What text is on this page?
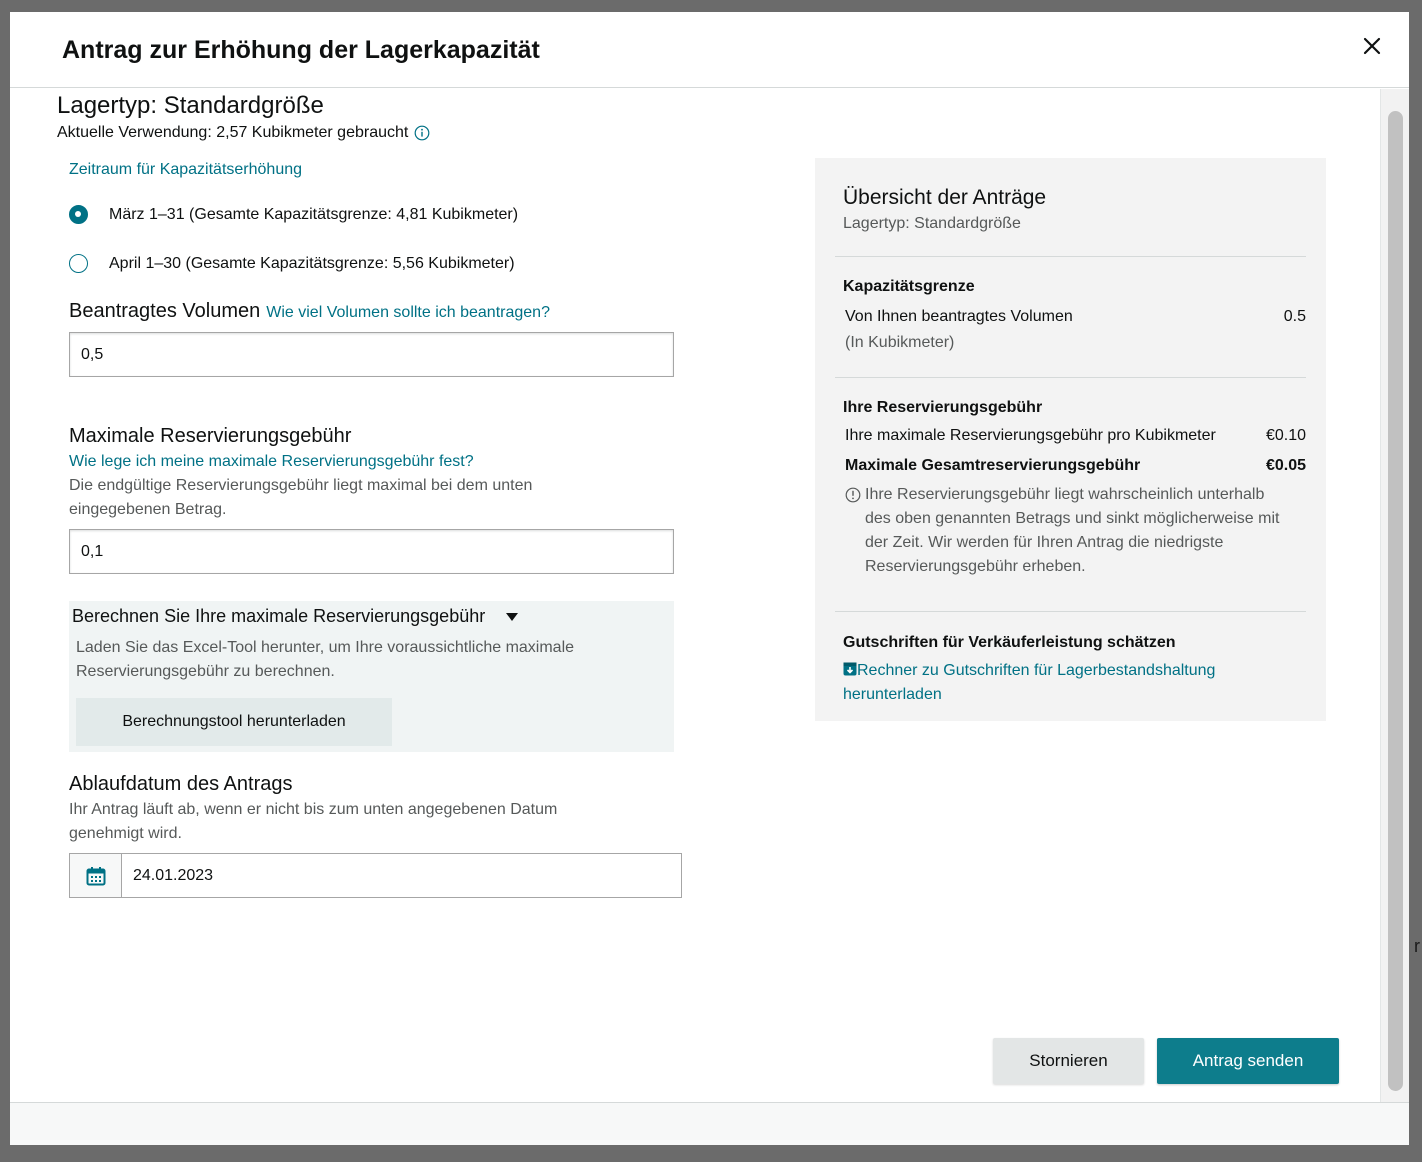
r
Antrag zur Erhöhung der Lagerkapazität
Lagertyp: Standardgröße
Aktuelle Verwendung: 2,57 Kubikmeter gebraucht
Zeitraum für Kapazitätserhöhung
März 1–31 (Gesamte Kapazitätsgrenze: 4,81 Kubikmeter)
April 1–30 (Gesamte Kapazitätsgrenze: 5,56 Kubikmeter)
Beantragtes Volumen Wie viel Volumen sollte ich beantragen?
0,5
Maximale Reservierungsgebühr
Wie lege ich meine maximale Reservierungsgebühr fest?
Die endgültige Reservierungsgebühr liegt maximal bei dem unten eingegebenen Betrag.
0,1
Berechnen Sie Ihre maximale Reservierungsgebühr
Laden Sie das Excel-Tool herunter, um Ihre voraussichtliche maximale Reservierungsgebühr zu berechnen.
Berechnungstool herunterladen
Ablaufdatum des Antrags
Ihr Antrag läuft ab, wenn er nicht bis zum unten angegebenen Datum genehmigt wird.
24.01.2023
Übersicht der Anträge
Lagertyp: Standardgröße
Kapazitätsgrenze
Von Ihnen beantragtes Volumen	0.5
(In Kubikmeter)
Ihre Reservierungsgebühr
Ihre maximale Reservierungsgebühr pro Kubikmeter	€0.10
Maximale Gesamtreservierungsgebühr	€0.05
Ihre Reservierungsgebühr liegt wahrscheinlich unterhalb des oben genannten Betrags und sinkt möglicherweise mit der Zeit. Wir werden für Ihren Antrag die niedrigste Reservierungsgebühr erheben.
Gutschriften für Verkäuferleistung schätzen
Rechner zu Gutschriften für Lagerbestandshaltung herunterladen
Stornieren	Antrag senden
